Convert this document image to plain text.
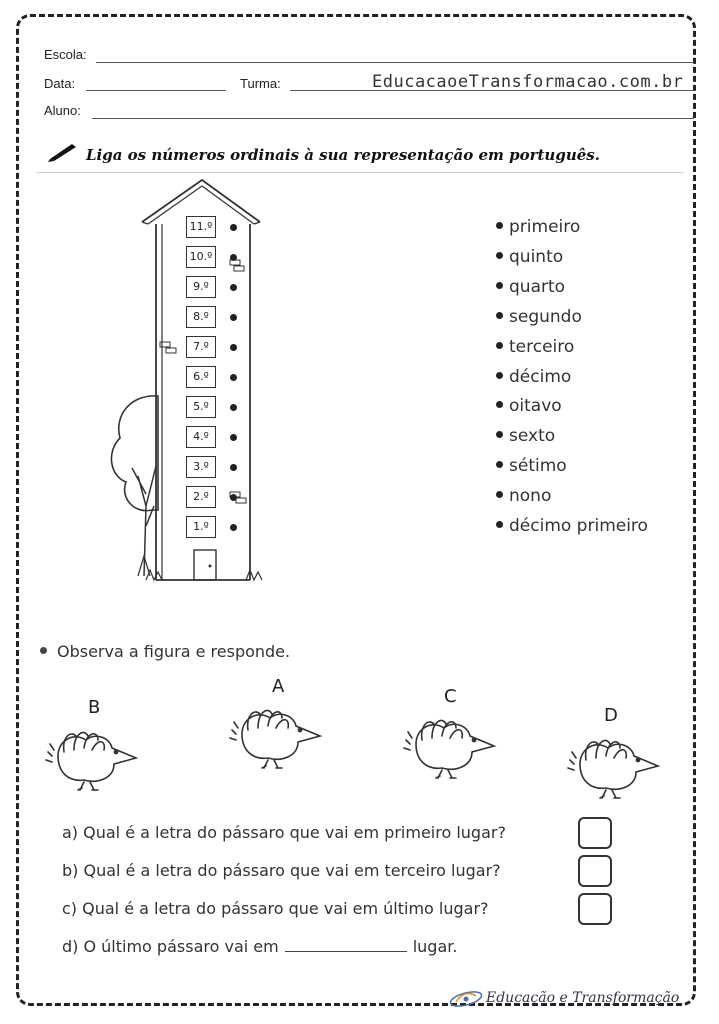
Escola:
Data:	Turma:	EducacaoeTransformacao.com.br
Aluno:
Liga os números ordinais à sua representação em português.
11.º
10.º
9.º
8.º
7.º
6.º
5.º
4.º
3.º
2.º
1.º
primeiro
quinto
quarto
segundo
terceiro
décimo
oitavo
sexto
sétimo
nono
décimo primeiro
Observa a figura e responde.
B
A	C
D
a) Qual é a letra do pássaro que vai em primeiro lugar?
b) Qual é a letra do pássaro que vai em terceiro lugar?
c) Qual é a letra do pássaro que vai em último lugar?
d) O último pássaro vai em	lugar.
Educação e Transformação
